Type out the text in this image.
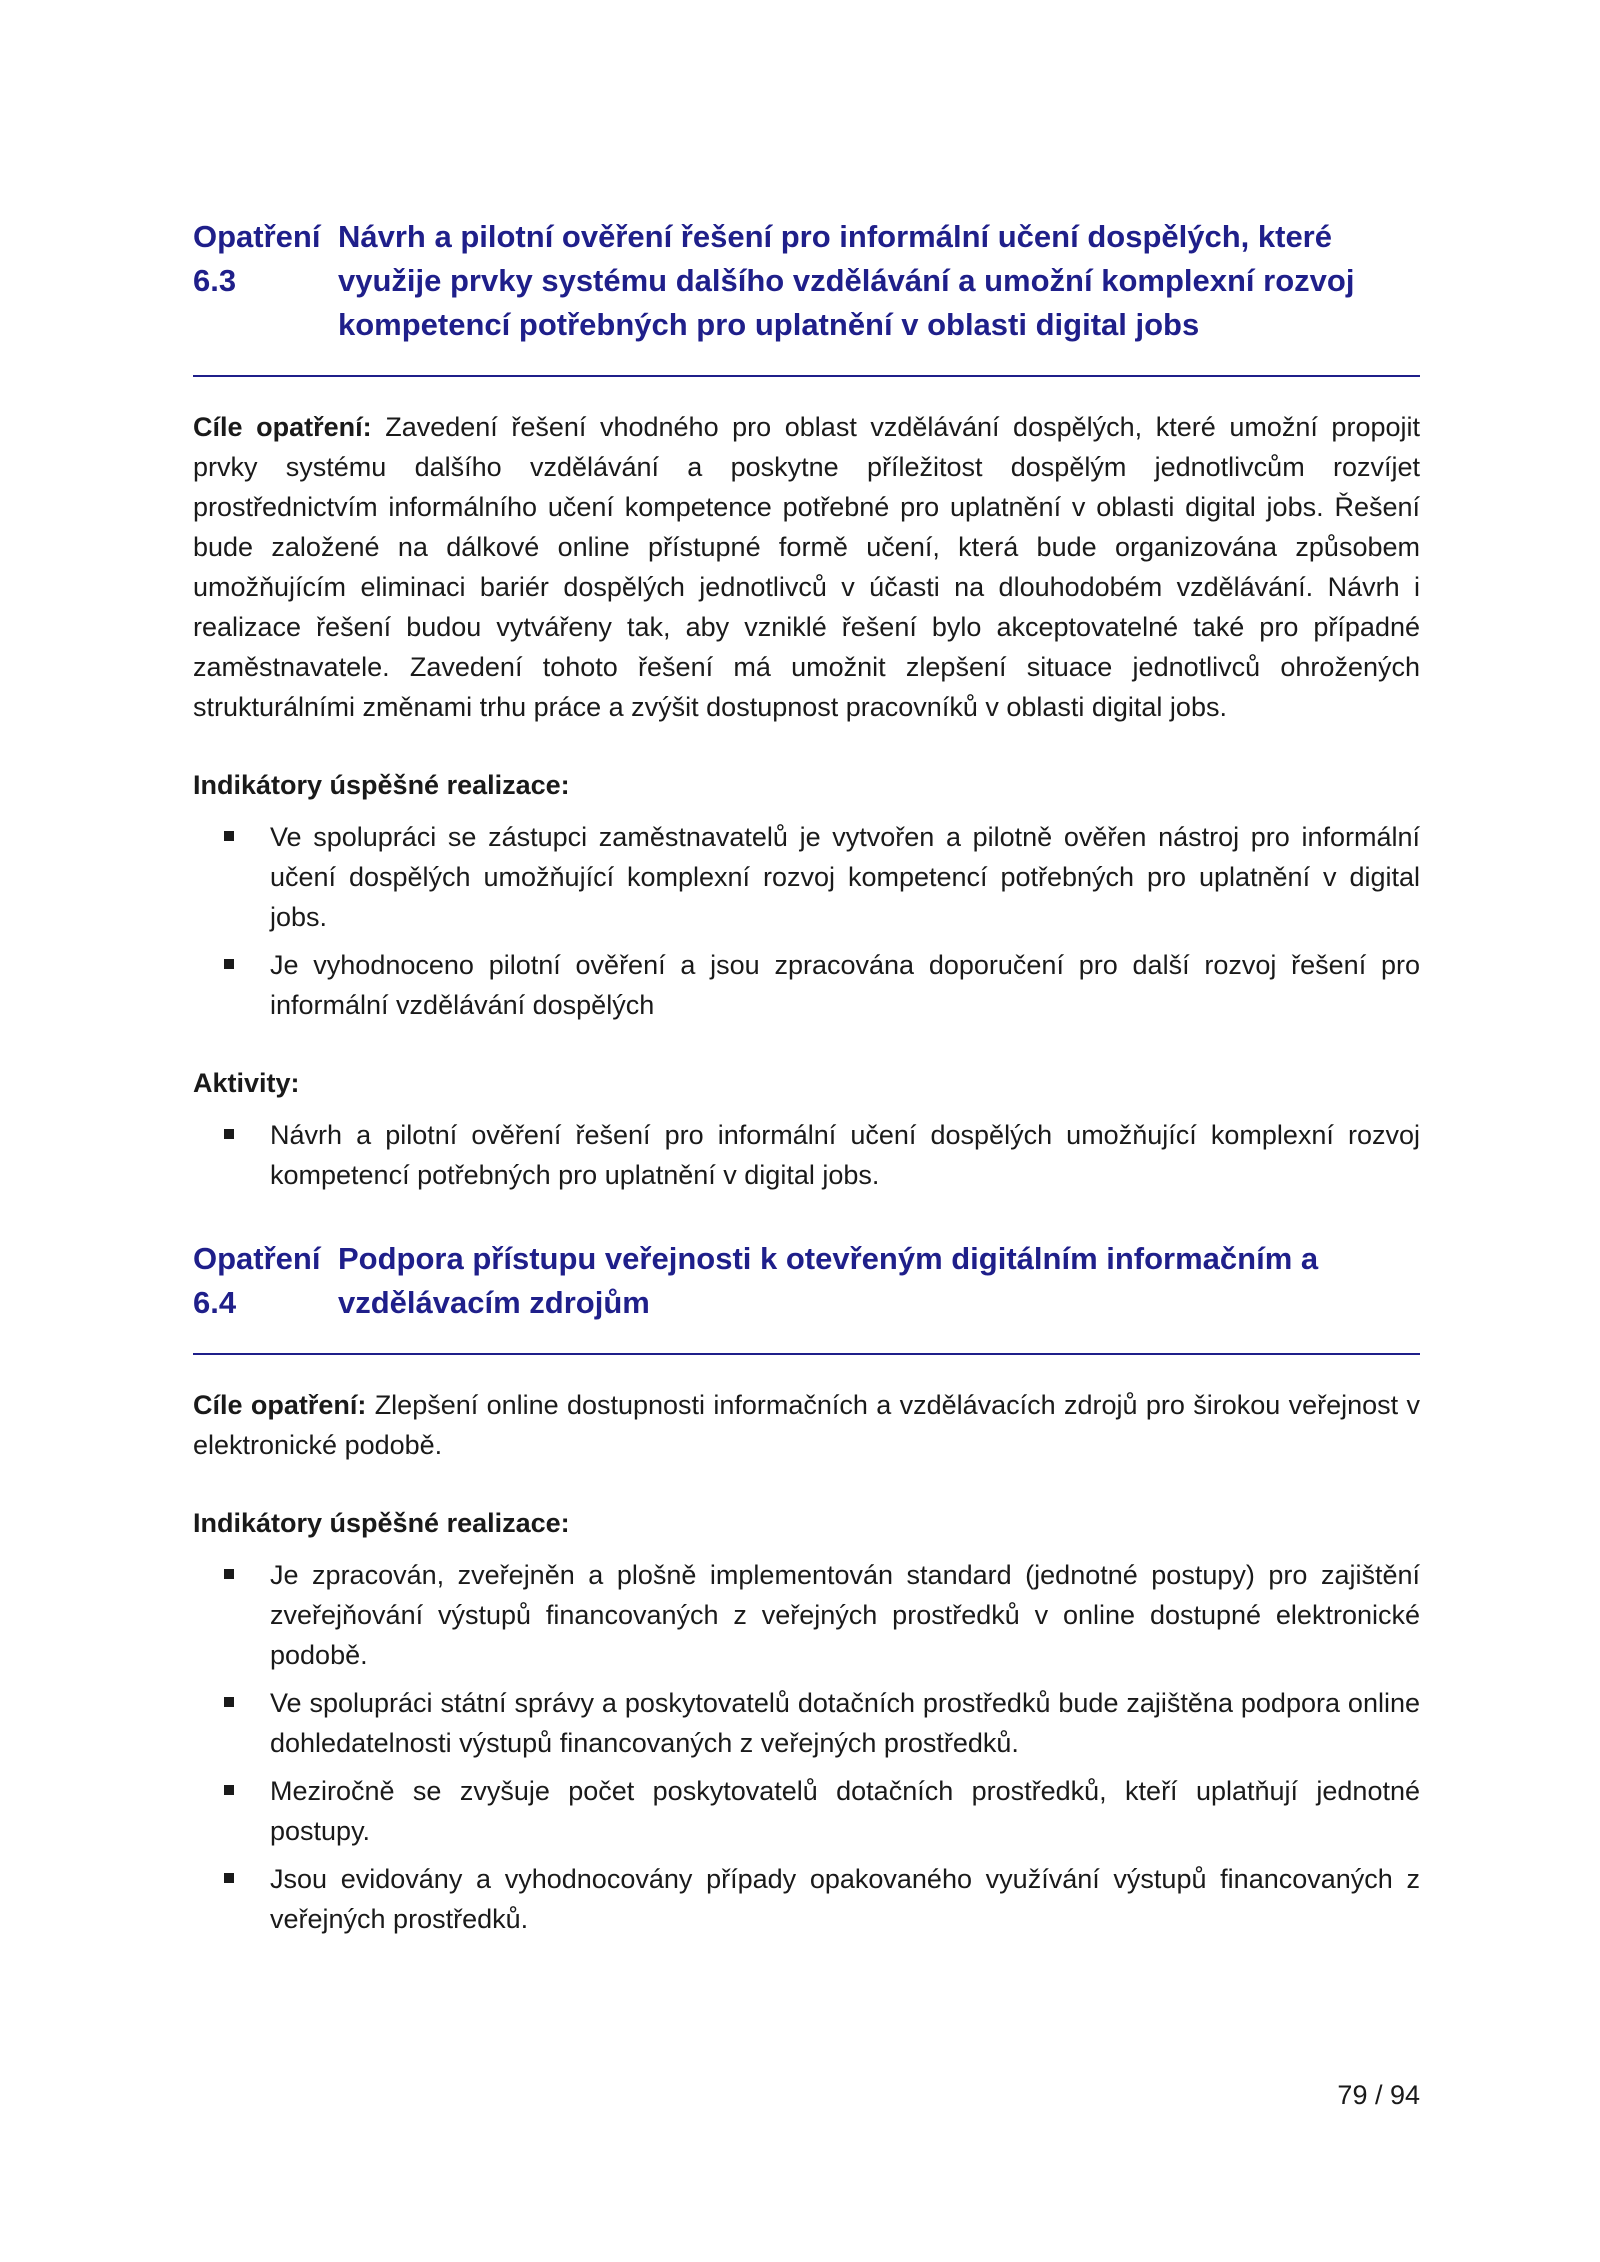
Opatření 6.3
Návrh a pilotní ověření řešení pro informální učení dospělých, které využije prvky systému dalšího vzdělávání a umožní komplexní rozvoj kompetencí potřebných pro uplatnění v oblasti digital jobs

Cíle opatření: Zavedení řešení vhodného pro oblast vzdělávání dospělých, které umožní propojit prvky systému dalšího vzdělávání a poskytne příležitost dospělým jednotlivcům rozvíjet prostřednictvím informálního učení kompetence potřebné pro uplatnění v oblasti digital jobs. Řešení bude založené na dálkové online přístupné formě učení, která bude organizována způsobem umožňujícím eliminaci bariér dospělých jednotlivců v účasti na dlouhodobém vzdělávání. Návrh i realizace řešení budou vytvářeny tak, aby vzniklé řešení bylo akceptovatelné také pro případné zaměstnavatele. Zavedení tohoto řešení má umožnit zlepšení situace jednotlivců ohrožených strukturálními změnami trhu práce a zvýšit dostupnost pracovníků v oblasti digital jobs.

Indikátory úspěšné realizace:
Ve spolupráci se zástupci zaměstnavatelů je vytvořen a pilotně ověřen nástroj pro informální učení dospělých umožňující komplexní rozvoj kompetencí potřebných pro uplatnění v digital jobs.
Je vyhodnoceno pilotní ověření a jsou zpracována doporučení pro další rozvoj řešení pro informální vzdělávání dospělých
Aktivity:
Návrh a pilotní ověření řešení pro informální učení dospělých umožňující komplexní rozvoj kompetencí potřebných pro uplatnění v digital jobs.
Opatření 6.4
Podpora přístupu veřejnosti k otevřeným digitálním informačním a vzdělávacím zdrojům

Cíle opatření: Zlepšení online dostupnosti informačních a vzdělávacích zdrojů pro širokou veřejnost v elektronické podobě.

Indikátory úspěšné realizace:
Je zpracován, zveřejněn a plošně implementován standard (jednotné postupy) pro zajištění zveřejňování výstupů financovaných z veřejných prostředků v online dostupné elektronické podobě.
Ve spolupráci státní správy a poskytovatelů dotačních prostředků bude zajištěna podpora online dohledatelnosti výstupů financovaných z veřejných prostředků.
Meziročně se zvyšuje počet poskytovatelů dotačních prostředků, kteří uplatňují jednotné postupy.
Jsou evidovány a vyhodnocovány případy opakovaného využívání výstupů financovaných z veřejných prostředků.
79 / 94
